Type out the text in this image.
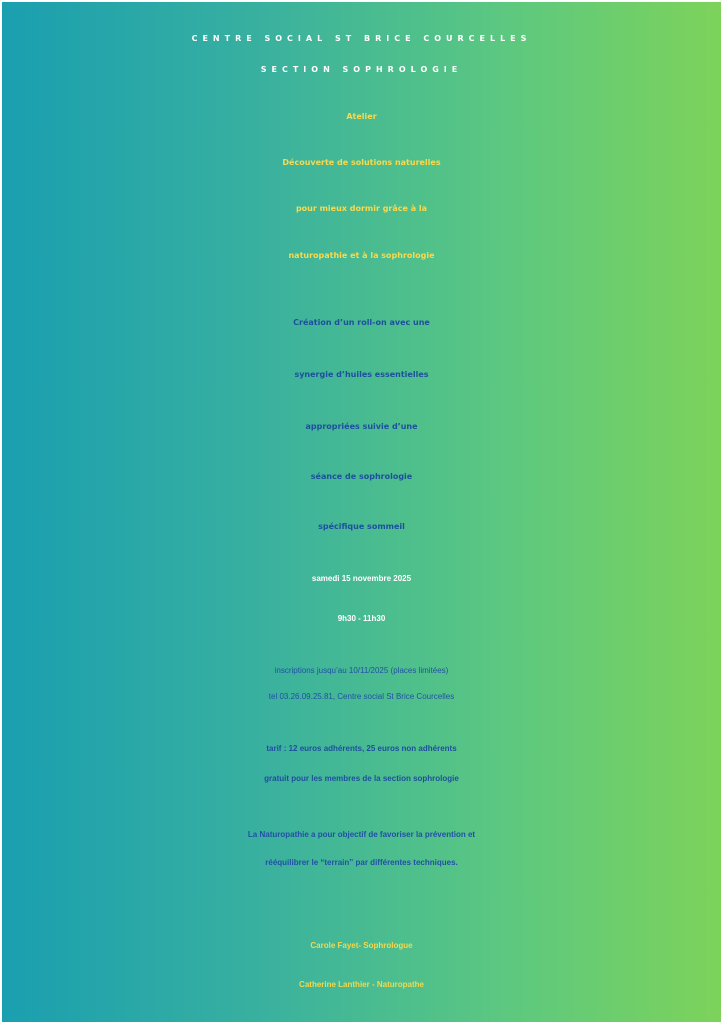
CENTRE SOCIAL ST BRICE COURCELLES

SECTION SOPHROLOGIE

Atelier

Découverte de solutions naturelles

pour mieux dormir grâce à la

naturopathie et à la sophrologie

Création d’un roll-on avec une

synergie d’huiles essentielles

appropriées suivie d’une

séance de sophrologie

spécifique sommeil

samedi 15 novembre 2025

9h30 - 11h30

inscriptions jusqu’au 10/11/2025 (places limitées)

tel 03.26.09.25.81, Centre social St Brice Courcelles

tarif : 12 euros adhérents, 25 euros non adhérents

gratuit pour les membres de la section sophrologie

La Naturopathie a pour objectif de favoriser la prévention et

rééquilibrer le “terrain” par différentes techniques.

Carole Fayet- Sophrologue

Catherine Lanthier - Naturopathe
